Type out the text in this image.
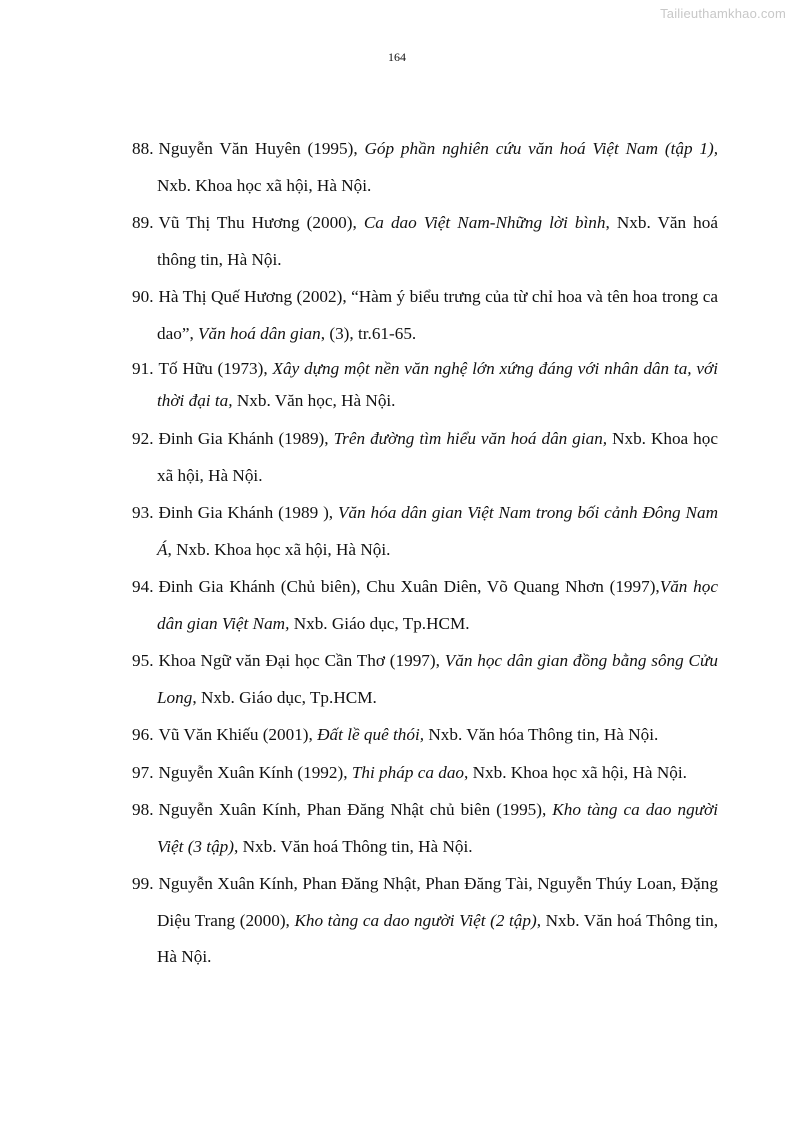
Tailieuthamkhao.com
164
88. Nguyễn Văn Huyên (1995), Góp phần nghiên cứu văn hoá Việt Nam (tập 1), Nxb. Khoa học xã hội, Hà Nội.
89. Vũ Thị Thu Hương (2000), Ca dao Việt Nam-Những lời bình, Nxb. Văn hoá thông tin, Hà Nội.
90. Hà Thị Quế Hương (2002), “Hàm ý biểu trưng của từ chỉ hoa và tên hoa trong ca dao”, Văn hoá dân gian, (3), tr.61-65.
91. Tố Hữu (1973), Xây dựng một nền văn nghệ lớn xứng đáng với nhân dân ta, với thời đại ta, Nxb. Văn học, Hà Nội.
92. Đinh Gia Khánh (1989), Trên đường tìm hiểu văn hoá dân gian, Nxb. Khoa học xã hội, Hà Nội.
93. Đinh Gia Khánh (1989 ), Văn hóa dân gian Việt Nam trong bối cảnh Đông Nam Á, Nxb. Khoa học xã hội, Hà Nội.
94. Đinh Gia Khánh (Chủ biên), Chu Xuân Diên, Võ Quang Nhơn (1997),Văn học dân gian Việt Nam, Nxb. Giáo dục, Tp.HCM.
95. Khoa Ngữ văn Đại học Cần Thơ (1997), Văn học dân gian đồng bằng sông Cửu Long, Nxb. Giáo dục, Tp.HCM.
96. Vũ Văn Khiếu (2001), Đất lề quê thói, Nxb. Văn hóa Thông tin, Hà Nội.
97. Nguyễn Xuân Kính (1992), Thi pháp ca dao, Nxb. Khoa học xã hội, Hà Nội.
98. Nguyễn Xuân Kính, Phan Đăng Nhật chủ biên (1995), Kho tàng ca dao người Việt (3 tập), Nxb. Văn hoá Thông tin, Hà Nội.
99. Nguyễn Xuân Kính, Phan Đăng Nhật, Phan Đăng Tài, Nguyễn Thúy Loan, Đặng Diệu Trang (2000), Kho tàng ca dao người Việt (2 tập), Nxb. Văn hoá Thông tin, Hà Nội.
